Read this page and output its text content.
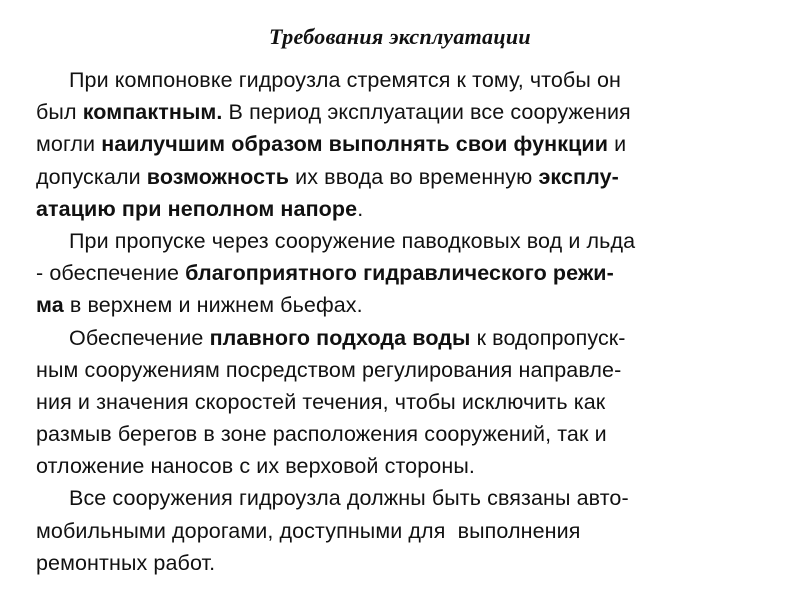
Требования эксплуатации
При компоновке гидроузла стремятся к тому, чтобы он
был компактным. В период эксплуатации все сооружения
могли наилучшим образом выполнять свои функции и
допускали возможность их ввода во временную эксплу-
атацию при неполном напоре.
При пропуске через сооружение паводковых вод и льда
- обеспечение благоприятного гидравлического режи-
ма в верхнем и нижнем бьефах.
Обеспечение плавного подхода воды к водопропуск-
ным сооружениям посредством регулирования направле-
ния и значения скоростей течения, чтобы исключить как
размыв берегов в зоне расположения сооружений, так и
отложение наносов с их верховой стороны.
Все сооружения гидроузла должны быть связаны авто-
мобильными дорогами, доступными для  выполнения
ремонтных работ.
